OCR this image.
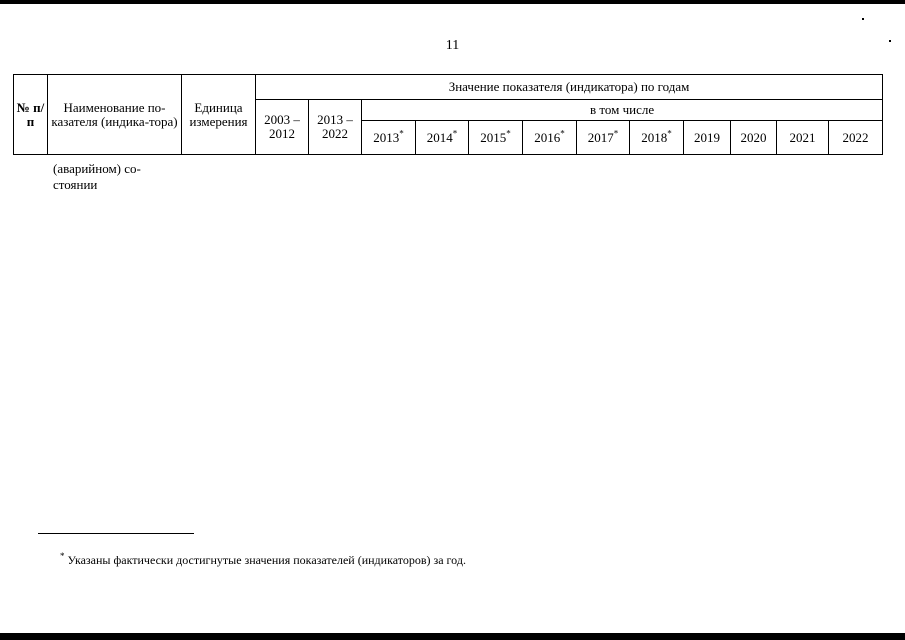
11
№ п/п	Наименование по-казателя (индика-тора)	Единица измерения	Значение показателя (индикатора) по годам											
			2003 – 2012	2013 – 2022	в том числе									
					2013*	2014*	2015*	2016*	2017*	2018*	2019	2020	2021	2022
(аварийном) со-стоянии
* Указаны фактически достигнутые значения показателей (индикаторов) за год.
